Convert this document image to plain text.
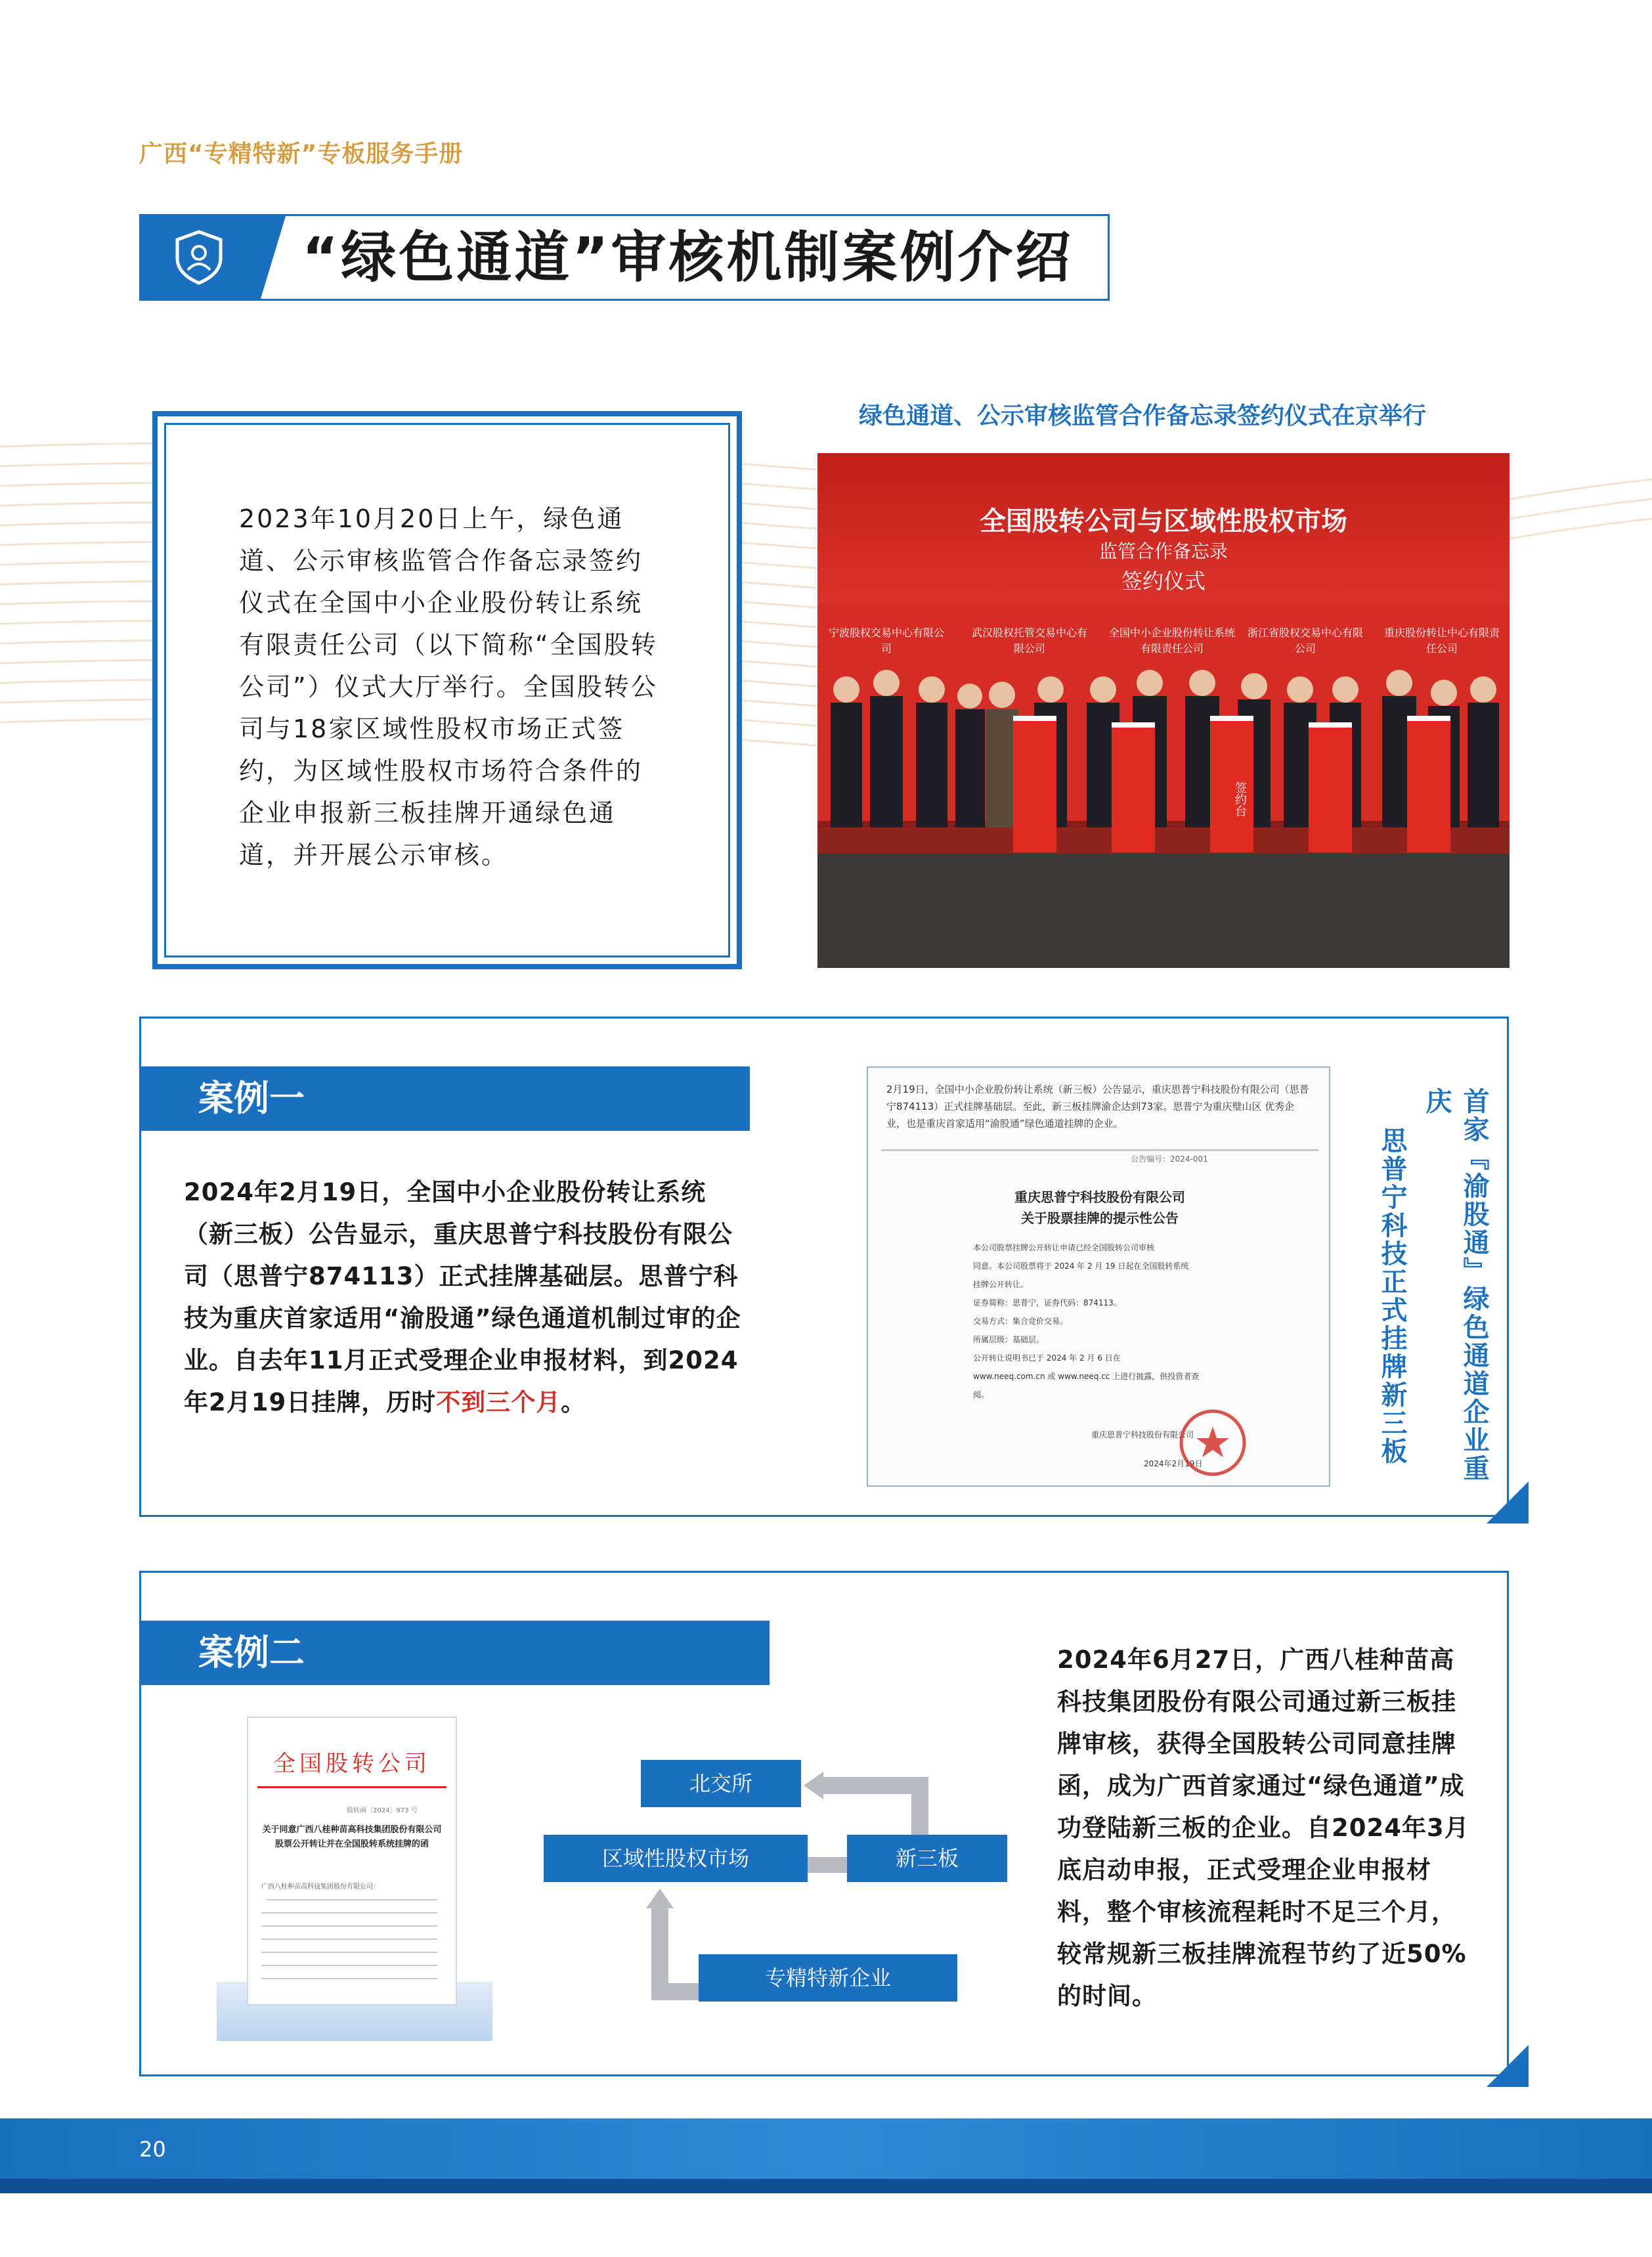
广西“专精特新”专板服务手册
“绿色通道”审核机制案例介绍
2023年10月20日上午，绿色通道、公示审核监管合作备忘录签约仪式在全国中小企业股份转让系统有限责任公司（以下简称“全国股转公司”）仪式大厅举行。全国股转公司与18家区域性股权市场正式签约，为区域性股权市场符合条件的企业申报新三板挂牌开通绿色通道，并开展公示审核。
绿色通道、公示审核监管合作备忘录签约仪式在京举行
全国股转公司与区域性股权市场
监管合作备忘录
签约仪式
宁波股权交易中心有限公司
武汉股权托管交易中心有限公司
全国中小企业股份转让系统有限责任公司
浙江省股权交易中心有限公司
重庆股份转让中心有限责任公司
签约台
案例一
2024年2月19日，全国中小企业股份转让系统（新三板）公告显示，重庆思普宁科技股份有限公司（思普宁874113）正式挂牌基础层。思普宁科技为重庆首家适用“渝股通”绿色通道机制过审的企业。自去年11月正式受理企业申报材料，到2024年2月19日挂牌，历时不到三个月。
2月19日，全国中小企业股份转让系统（新三板）公告显示，重庆思普宁科技股份有限公司（思普宁874113）正式挂牌基础层。至此，新三板挂牌渝企达到73家。思普宁为重庆璧山区 优秀企业，也是重庆首家适用“渝股通”绿色通道挂牌的企业。
公告编号：2024-001
重庆思普宁科技股份有限公司
关于股票挂牌的提示性公告
本公司股票挂牌公开转让申请已经全国股转公司审核
同意。本公司股票将于 2024 年 2 月 19 日起在全国股转系统
挂牌公开转让。
证券简称：思普宁，证券代码：874113。
交易方式：集合竞价交易。
所属层级：基础层。
公开转让说明书已于 2024 年 2 月 6 日在
www.neeq.com.cn 或 www.neeq.cc 上进行披露，供投资者查
阅。
重庆思普宁科技股份有限公司
2024年2月19日	首家『渝股通』绿色通道企业重庆
思普宁科技正式挂牌新三板
案例二	2024年6月27日，广西八桂种苗高科技集团股份有限公司通过新三板挂牌审核，获得全国股转公司同意挂牌函，成为广西首家通过“绿色通道”成功登陆新三板的企业。自2024年3月底启动申报，正式受理企业申报材料，整个审核流程耗时不足三个月，较常规新三板挂牌流程节约了近50%的时间。
全国股转公司
股转函〔2024〕973 号
关于同意广西八桂种苗高科技集团股份有限公司股票公开转让并在全国股转系统挂牌的函
广西八桂种苗高科技集团股份有限公司：
北交所
区域性股权市场	新三板
专精特新企业
20
